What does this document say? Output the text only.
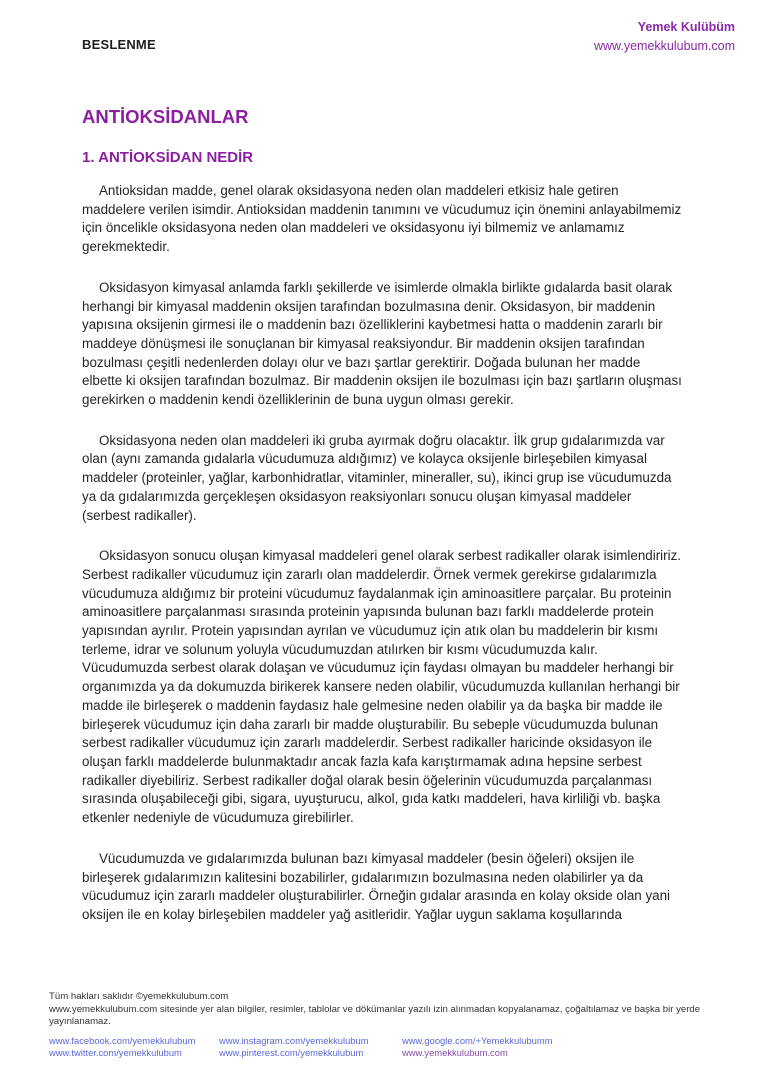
BESLENME
Yemek Kulübüm
www.yemekkulubum.com
ANTİOKSİDANLAR
1. ANTİOKSİDAN NEDİR

Antioksidan madde, genel olarak oksidasyona neden olan maddeleri etkisiz hale getiren maddelere verilen isimdir. Antioksidan maddenin tanımını ve vücudumuz için önemini anlayabilmemiz için öncelikle oksidasyona neden olan maddeleri ve oksidasyonu iyi bilmemiz ve anlamamız gerekmektedir.

Oksidasyon kimyasal anlamda farklı şekillerde ve isimlerde olmakla birlikte gıdalarda basit olarak herhangi bir kimyasal maddenin oksijen tarafından bozulmasına denir. Oksidasyon, bir maddenin yapısına oksijenin girmesi ile o maddenin bazı özelliklerini kaybetmesi hatta o maddenin zararlı bir maddeye dönüşmesi ile sonuçlanan bir kimyasal reaksiyondur. Bir maddenin oksijen tarafından bozulması çeşitli nedenlerden dolayı olur ve bazı şartlar gerektirir. Doğada bulunan her madde elbette ki oksijen tarafından bozulmaz. Bir maddenin oksijen ile bozulması için bazı şartların oluşması gerekirken o maddenin kendi özelliklerinin de buna uygun olması gerekir.

Oksidasyona neden olan maddeleri iki gruba ayırmak doğru olacaktır. İlk grup gıdalarımızda var olan (aynı zamanda gıdalarla vücudumuza aldığımız) ve kolayca oksijenle birleşebilen kimyasal maddeler (proteinler, yağlar, karbonhidratlar, vitaminler, mineraller, su), ikinci grup ise vücudumuzda ya da gıdalarımızda gerçekleşen oksidasyon reaksiyonları sonucu oluşan kimyasal maddeler (serbest radikaller).

Oksidasyon sonucu oluşan kimyasal maddeleri genel olarak serbest radikaller olarak isimlendiririz. Serbest radikaller vücudumuz için zararlı olan maddelerdir. Örnek vermek gerekirse gıdalarımızla vücudumuza aldığımız bir proteini vücudumuz faydalanmak için aminoasitlere parçalar. Bu proteinin aminoasitlere parçalanması sırasında proteinin yapısında bulunan bazı farklı maddelerde protein yapısından ayrılır. Protein yapısından ayrılan ve vücudumuz için atık olan bu maddelerin bir kısmı terleme, idrar ve solunum yoluyla vücudumuzdan atılırken bir kısmı vücudumuzda kalır. Vücudumuzda serbest olarak dolaşan ve vücudumuz için faydası olmayan bu maddeler herhangi bir organımızda ya da dokumuzda birikerek kansere neden olabilir, vücudumuzda kullanılan herhangi bir madde ile birleşerek o maddenin faydasız hale gelmesine neden olabilir ya da başka bir madde ile birleşerek vücudumuz için daha zararlı bir madde oluşturabilir. Bu sebeple vücudumuzda bulunan serbest radikaller vücudumuz için zararlı maddelerdir. Serbest radikaller haricinde oksidasyon ile oluşan farklı maddelerde bulunmaktadır ancak fazla kafa karıştırmamak adına hepsine serbest radikaller diyebiliriz. Serbest radikaller doğal olarak besin öğelerinin vücudumuzda parçalanması sırasında oluşabileceği gibi, sigara, uyuşturucu, alkol, gıda katkı maddeleri, hava kirliliği vb. başka etkenler nedeniyle de vücudumuza girebilirler.

Vücudumuzda ve gıdalarımızda bulunan bazı kimyasal maddeler (besin öğeleri) oksijen ile birleşerek gıdalarımızın kalitesini bozabilirler, gıdalarımızın bozulmasına neden olabilirler ya da vücudumuz için zararlı maddeler oluşturabilirler. Örneğin gıdalar arasında en kolay okside olan yani oksijen ile en kolay birleşebilen maddeler yağ asitleridir. Yağlar uygun saklama koşullarında

Tüm hakları saklıdır ©yemekkulubum.com
www.yemekkulubum.com sitesinde yer alan bilgiler, resimler, tablolar ve dökümanlar yazılı izin alınmadan kopyalanamaz, çoğaltılamaz ve başka bir yerde yayınlanamaz.
www.facebook.com/yemekkulubum	www.instagram.com/yemekkulubum	www.google.com/+Yemekkulubumm
www.twitter.com/yemekkulubum	www.pinterest.com/yemekkulubum	www.yemekkulubum.com
